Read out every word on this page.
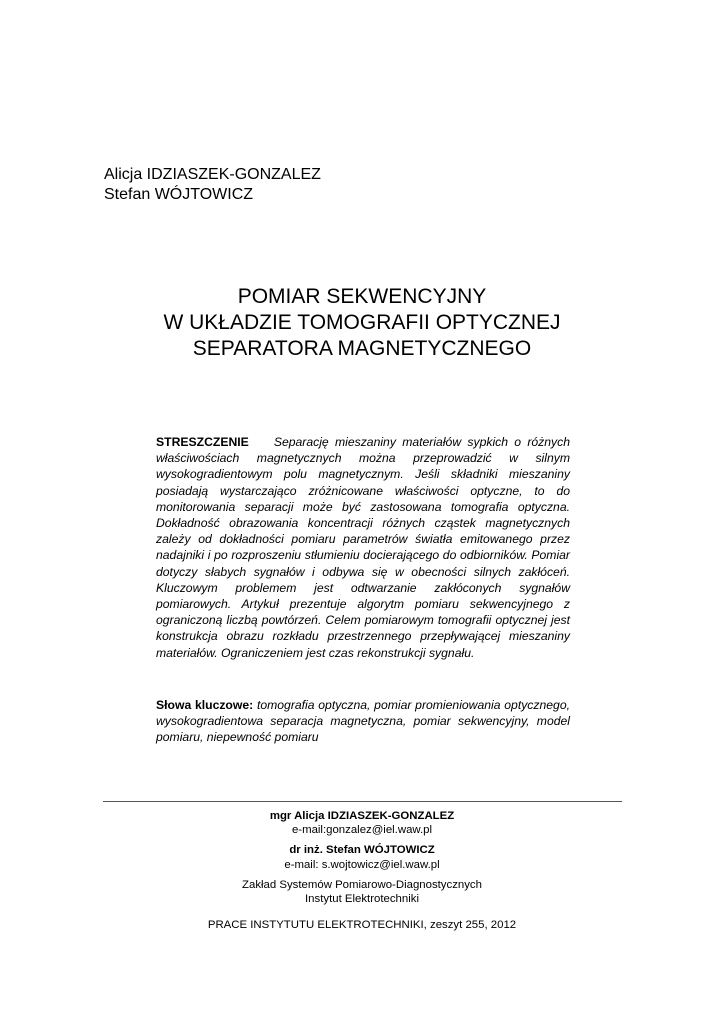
Alicja IDZIASZEK-GONZALEZ
Stefan WÓJTOWICZ
POMIAR SEKWENCYJNY
W UKŁADZIE TOMOGRAFII OPTYCZNEJ
SEPARATORA MAGNETYCZNEGO
STRESZCZENIE Separację mieszaniny materiałów sypkich o różnych właściwościach magnetycznych można przeprowadzić w silnym wysokogradientowym polu magnetycznym. Jeśli składniki mieszaniny posiadają wystarczająco zróżnicowane właściwości optyczne, to do monitorowania separacji może być zastosowana tomografia optyczna. Dokładność obrazowania koncentracji różnych cząstek magnetycznych zależy od dokładności pomiaru parametrów światła emitowanego przez nadajniki i po rozproszeniu stłumieniu docierającego do odbiorników. Pomiar dotyczy słabych sygnałów i odbywa się w obecności silnych zakłóceń. Kluczowym problemem jest odtwarzanie zakłóconych sygnałów pomiarowych. Artykuł prezentuje algorytm pomiaru sekwencyjnego z ograniczoną liczbą powtórzeń. Celem pomiarowym tomografii optycznej jest konstrukcja obrazu rozkładu przestrzennego przepływającej mieszaniny materiałów. Ograniczeniem jest czas rekonstrukcji sygnału.
Słowa kluczowe: tomografia optyczna, pomiar promieniowania optycznego, wysokogradientowa separacja magnetyczna, pomiar sekwencyjny, model pomiaru, niepewność pomiaru
mgr Alicja IDZIASZEK-GONZALEZ
e-mail:gonzalez@iel.waw.pl
dr inż. Stefan WÓJTOWICZ
e-mail: s.wojtowicz@iel.waw.pl
Zakład Systemów Pomiarowo-Diagnostycznych
Instytut Elektrotechniki
PRACE INSTYTUTU ELEKTROTECHNIKI, zeszyt 255, 2012
